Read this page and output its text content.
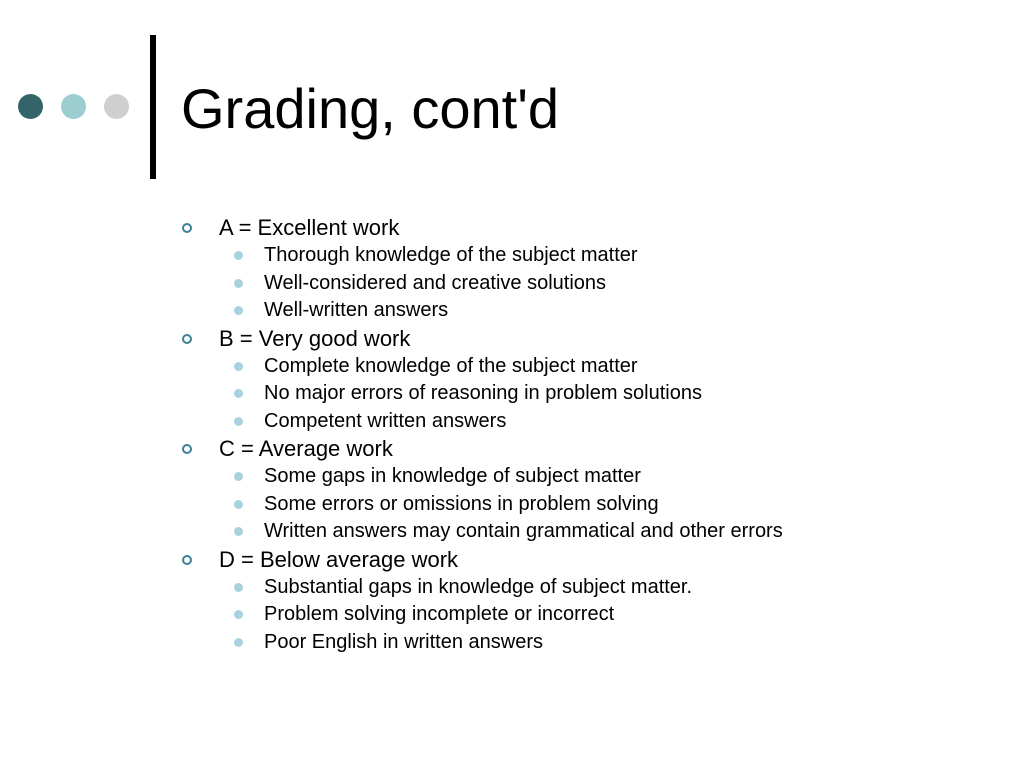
Grading, cont'd
A = Excellent work
Thorough knowledge of the subject matter
Well-considered and creative solutions
Well-written answers
B = Very good work
Complete knowledge of the subject matter
No major errors of reasoning in problem solutions
Competent written answers
C = Average work
Some gaps in knowledge of subject matter
Some errors or omissions in problem solving
Written answers may contain grammatical and other errors
D = Below average work
Substantial gaps in knowledge of subject matter.
Problem solving incomplete or incorrect
Poor English in written answers
